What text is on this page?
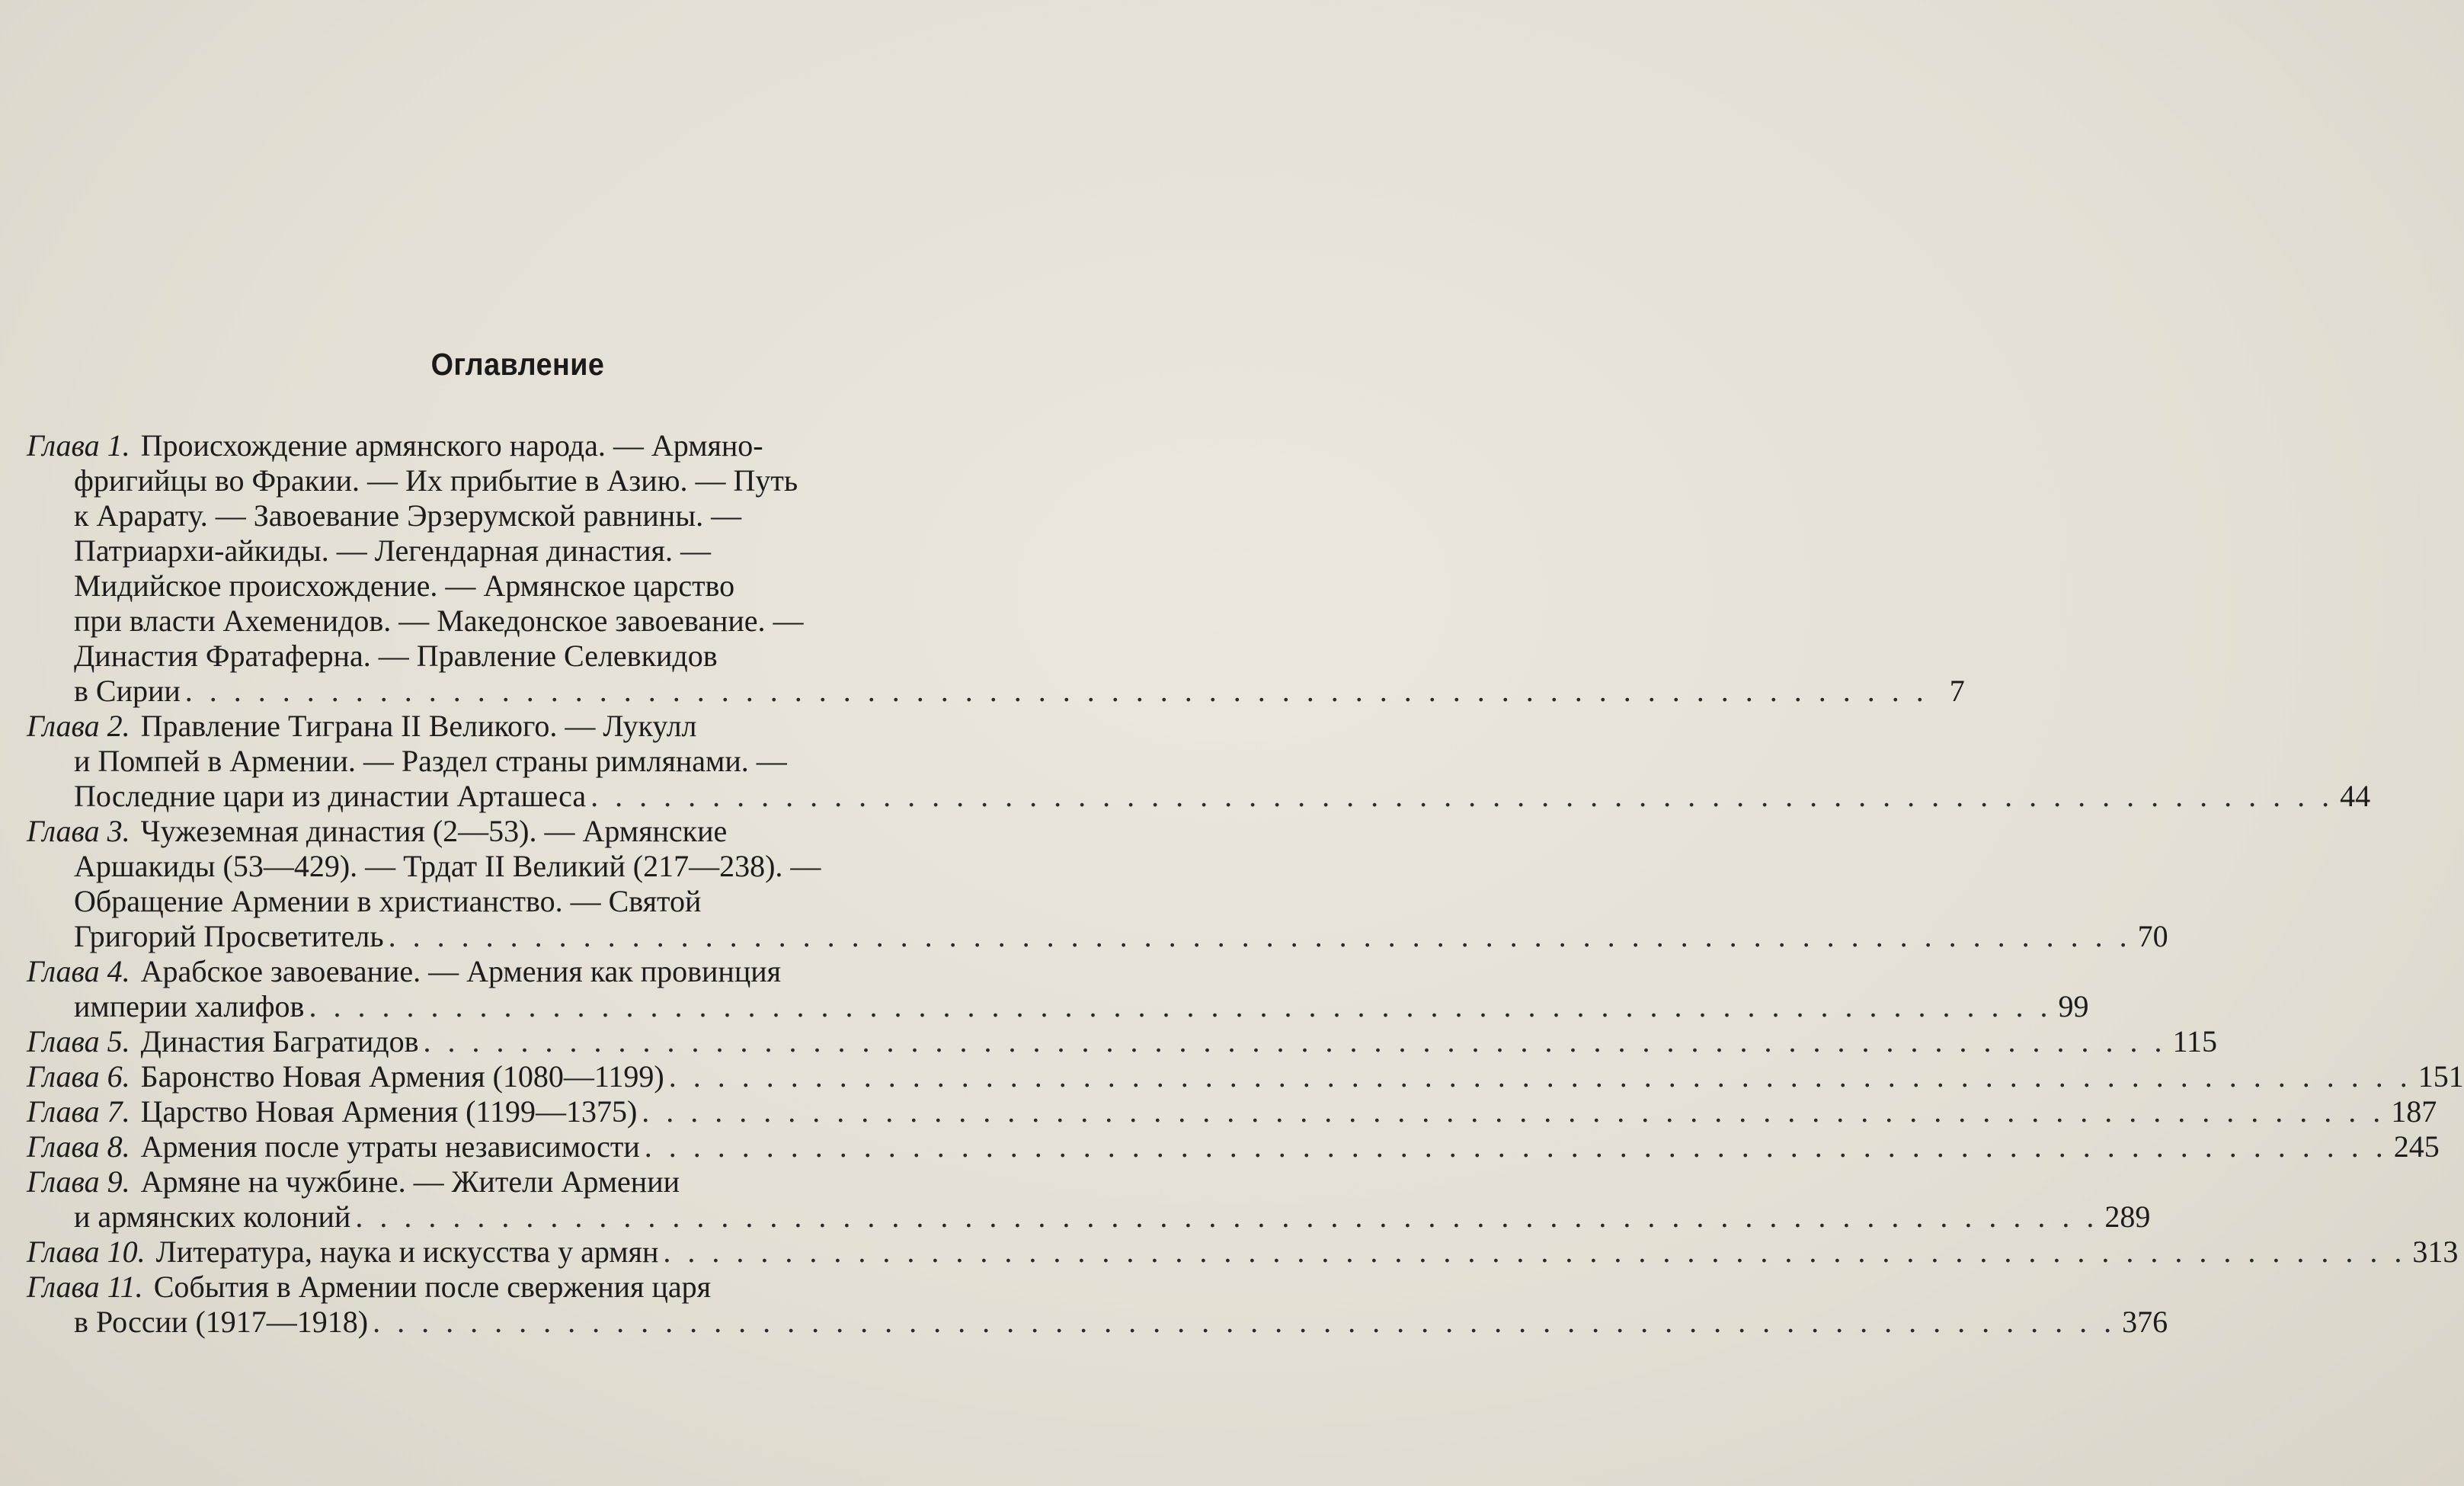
Оглавление
Глава 1. Происхождение армянского народа. — Армяно-
фригийцы во Фракии. — Их прибытие в Азию. — Путь
к Арарату. — Завоевание Эрзерумской равнины. —
Патриархи-айкиды. — Легендарная династия. —
Мидийское происхождение. — Армянское царство
при власти Ахеменидов. — Македонское завоевание. —
Династия Фратаферна. — Правление Селевкидов
в Сирии . . . . . . . . . . . . . . . . . . . . . . . . . . . . . . . . . . . . . . . . . . . . . . . . . . . . . . . . . . . . . . . . . . . . . . . . 7
Глава 2. Правление Тиграна II Великого. — Лукулл
и Помпей в Армении. — Раздел страны римлянами. —
Последние цари из династии Арташеса . . . . . . . . . . . . . . . . . . . . . . . . . . . . . . . . . . . . . . . . . . . . . . . . . . . . . . . . . . . . . . . . . . . . . . . . 44
Глава 3. Чужеземная династия (2—53). — Армянские
Аршакиды (53—429). — Трдат II Великий (217—238). —
Обращение Армении в христианство. — Святой
Григорий Просветитель . . . . . . . . . . . . . . . . . . . . . . . . . . . . . . . . . . . . . . . . . . . . . . . . . . . . . . . . . . . . . . . . . . . . . . . . 70
Глава 4. Арабское завоевание. — Армения как провинция
империи халифов . . . . . . . . . . . . . . . . . . . . . . . . . . . . . . . . . . . . . . . . . . . . . . . . . . . . . . . . . . . . . . . . . . . . . . . . 99
Глава 5. Династия Багратидов . . . . . . . . . . . . . . . . . . . . . . . . . . . . . . . . . . . . . . . . . . . . . . . . . . . . . . . . . . . . . . . . . . . . . . . . 115
Глава 6. Баронство Новая Армения (1080—1199) . . . . . . . . . . . . . . . . . . . . . . . . . . . . . . . . . . . . . . . . . . . . . . . . . . . . . . . . . . . . . . . . . . . . . . . . 151
Глава 7. Царство Новая Армения (1199—1375) . . . . . . . . . . . . . . . . . . . . . . . . . . . . . . . . . . . . . . . . . . . . . . . . . . . . . . . . . . . . . . . . . . . . . . . . 187
Глава 8. Армения после утраты независимости . . . . . . . . . . . . . . . . . . . . . . . . . . . . . . . . . . . . . . . . . . . . . . . . . . . . . . . . . . . . . . . . . . . . . . . . 245
Глава 9. Армяне на чужбине. — Жители Армении
и армянских колоний . . . . . . . . . . . . . . . . . . . . . . . . . . . . . . . . . . . . . . . . . . . . . . . . . . . . . . . . . . . . . . . . . . . . . . . . 289
Глава 10. Литература, наука и искусства у армян . . . . . . . . . . . . . . . . . . . . . . . . . . . . . . . . . . . . . . . . . . . . . . . . . . . . . . . . . . . . . . . . . . . . . . . . 313
Глава 11. События в Армении после свержения царя
в России (1917—1918) . . . . . . . . . . . . . . . . . . . . . . . . . . . . . . . . . . . . . . . . . . . . . . . . . . . . . . . . . . . . . . . . . . . . . . . . 376
